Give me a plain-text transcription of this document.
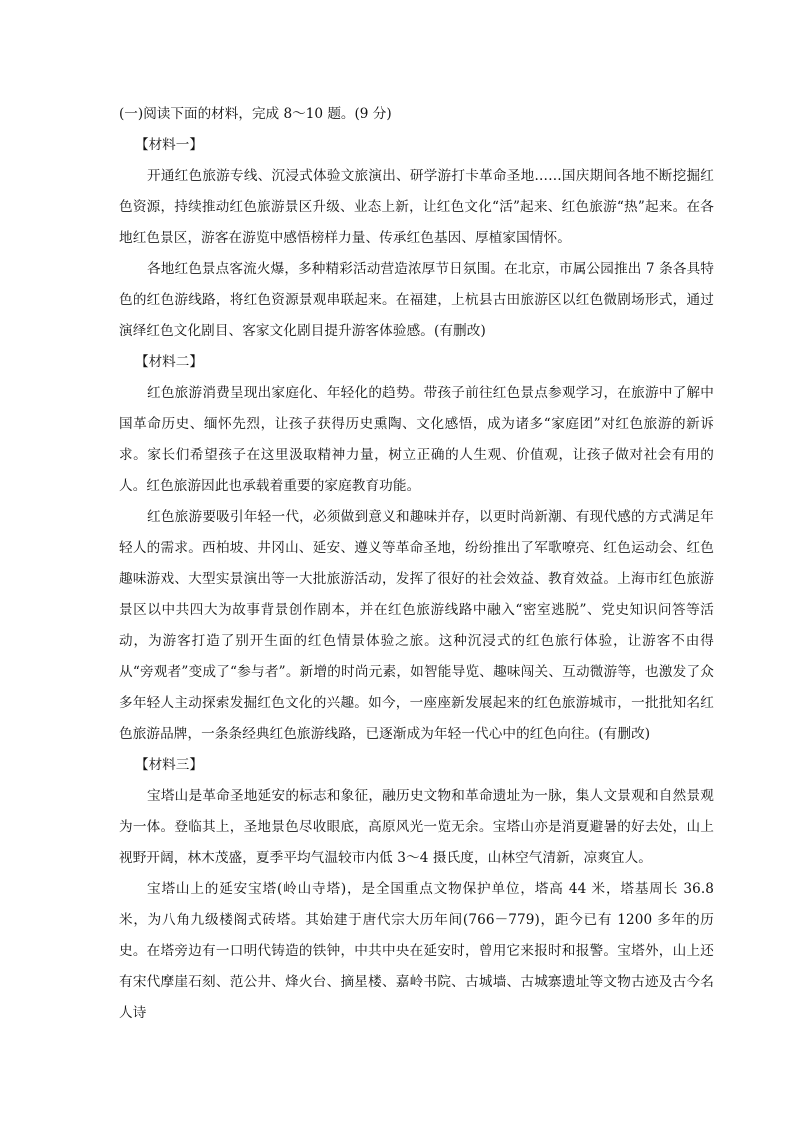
(一)阅读下面的材料，完成 8～10 题。(9 分)

【材料一】

开通红色旅游专线、沉浸式体验文旅演出、研学游打卡革命圣地……国庆期间各地不断挖掘红色资源，持续推动红色旅游景区升级、业态上新，让红色文化“活”起来、红色旅游“热”起来。在各地红色景区，游客在游览中感悟榜样力量、传承红色基因、厚植家国情怀。

各地红色景点客流火爆，多种精彩活动营造浓厚节日氛围。在北京，市属公园推出 7 条各具特色的红色游线路，将红色资源景观串联起来。在福建，上杭县古田旅游区以红色微剧场形式，通过演绎红色文化剧目、客家文化剧目提升游客体验感。(有删改)

【材料二】

红色旅游消费呈现出家庭化、年轻化的趋势。带孩子前往红色景点参观学习，在旅游中了解中国革命历史、缅怀先烈，让孩子获得历史熏陶、文化感悟，成为诸多“家庭团”对红色旅游的新诉求。家长们希望孩子在这里汲取精神力量，树立正确的人生观、价值观，让孩子做对社会有用的人。红色旅游因此也承载着重要的家庭教育功能。

红色旅游要吸引年轻一代，必须做到意义和趣味并存，以更时尚新潮、有现代感的方式满足年轻人的需求。西柏坡、井冈山、延安、遵义等革命圣地，纷纷推出了军歌嘹亮、红色运动会、红色趣味游戏、大型实景演出等一大批旅游活动，发挥了很好的社会效益、教育效益。上海市红色旅游景区以中共四大为故事背景创作剧本，并在红色旅游线路中融入“密室逃脱”、党史知识问答等活动，为游客打造了别开生面的红色情景体验之旅。这种沉浸式的红色旅行体验，让游客不由得从“旁观者”变成了“参与者”。新增的时尚元素，如智能导览、趣味闯关、互动微游等，也激发了众多年轻人主动探索发掘红色文化的兴趣。如今，一座座新发展起来的红色旅游城市，一批批知名红色旅游品牌，一条条经典红色旅游线路，已逐渐成为年轻一代心中的红色向往。(有删改)

【材料三】

宝塔山是革命圣地延安的标志和象征，融历史文物和革命遗址为一脉，集人文景观和自然景观为一体。登临其上，圣地景色尽收眼底，高原风光一览无余。宝塔山亦是消夏避暑的好去处，山上视野开阔，林木茂盛，夏季平均气温较市内低 3～4 摄氏度，山林空气清新，凉爽宜人。

宝塔山上的延安宝塔(岭山寺塔)，是全国重点文物保护单位，塔高 44 米，塔基周长 36.8 米，为八角九级楼阁式砖塔。其始建于唐代宗大历年间(766－779)，距今已有 1200 多年的历史。在塔旁边有一口明代铸造的铁钟，中共中央在延安时，曾用它来报时和报警。宝塔外，山上还有宋代摩崖石刻、范公井、烽火台、摘星楼、嘉岭书院、古城墙、古城寨遗址等文物古迹及古今名人诗
